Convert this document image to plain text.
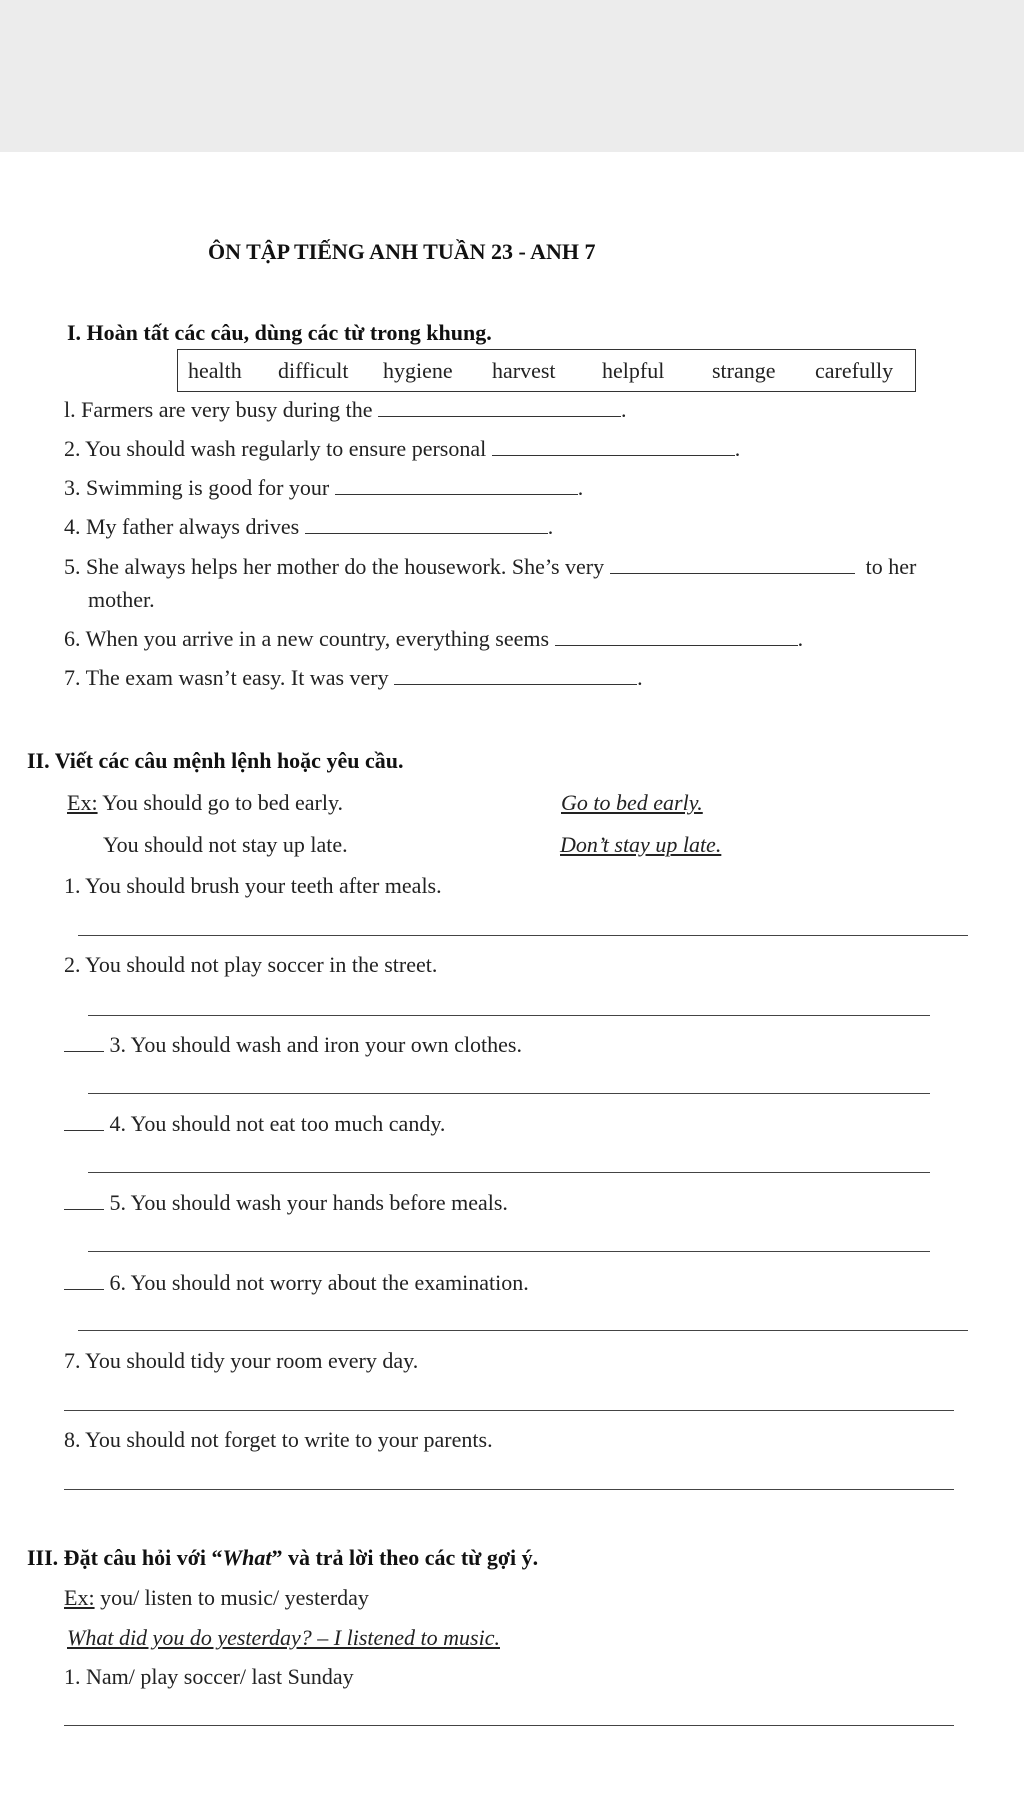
ÔN TẬP TIẾNG ANH TUẦN 23 - ANH 7
I. Hoàn tất các câu, dùng các từ trong khung.
health difficult hygiene harvest helpful strange carefully
l. Farmers are very busy during the	.
2. You should wash regularly to ensure personal	.
3. Swimming is good for your	.
4. My father always drives	.
5. She always helps her mother do the housework. She’s very	to her
mother.
6. When you arrive in a new country, everything seems	.
7. The exam wasn’t easy. It was very	.
II. Viết các câu mệnh lệnh hoặc yêu cầu.
Ex: You should go to bed early.	Go to bed early.
You should not stay up late.	Don’t stay up late.
1. You should brush your teeth after meals.
2. You should not play soccer in the street.
3. You should wash and iron your own clothes.
4. You should not eat too much candy.
5. You should wash your hands before meals.
6. You should not worry about the examination.
7. You should tidy your room every day.
8. You should not forget to write to your parents.
III. Đặt câu hỏi với “What” và trả lời theo các từ gợi ý.
Ex: you/ listen to music/ yesterday
What did you do yesterday? – I listened to music.
1. Nam/ play soccer/ last Sunday
